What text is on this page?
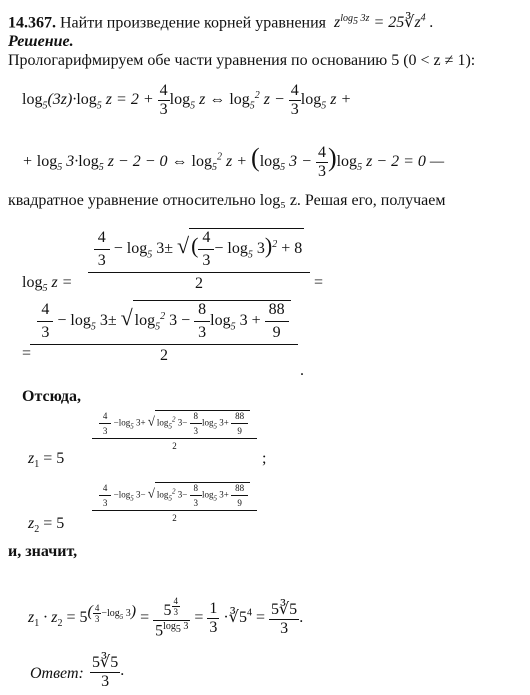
14.367. Найти произведение корней уравнения $z^{log_5 3z}$ = $25∛z^4$ .
Решение.
Прологарифмируем обе части уравнения по основанию 5 (0 < z ≠ 1):
$\log_5(3z)\cdot\log_5$ $z = 2 + \frac{4}{3} \log_5 z$ ⇔ $\log_5^2 z - \frac{4}{3} \log_5 z$ +
+ $\log_5 3\cdot\log_5$ z − 2 − 0 ⇔ $\log_5^2 z + (\log_5$ $3 - \frac{4}{3} )\log_5$ z − 2 = 0 —
квадратное уравнение относительно log₅ z. Решая его, получаем
$\log_5 z = \frac{\frac{4}{3} - \log_5 3\pm √( \frac{4}{3} - \log_5 3)^2 + 8}{2}$ =
=
$\frac{4}{3} - \log_5 3\pm$ √ $\log_5^2 3 - \frac{8}{3} \log_5 3 + \frac{88}{9}$
2
.
Отсюда,
$z_1 = 5$
$\frac{4}{3} -\log_5$ 3+ √ $\log_5^2 3- \frac{8}{3} \log_5 3+ \frac{88}{9}$
2
;
$z_2 = 5$
$\frac{4}{3} -\log_5$ 3− √ $\log_5^2 3- \frac{8}{3} \log_5 3+ \frac{88}{9}$
2
и, значит,
$z_1 \cdot z_2 = 5^{( \frac{4}{3} -log_5 3)} = 5$ $^{\frac{4}{3}}$
$5^{log_5 3} = \frac{1}{3}$ $\cdot∛5^4 = \frac{5∛5}{3}$ .
Ответ: $\frac{5∛5}{3}$ .
